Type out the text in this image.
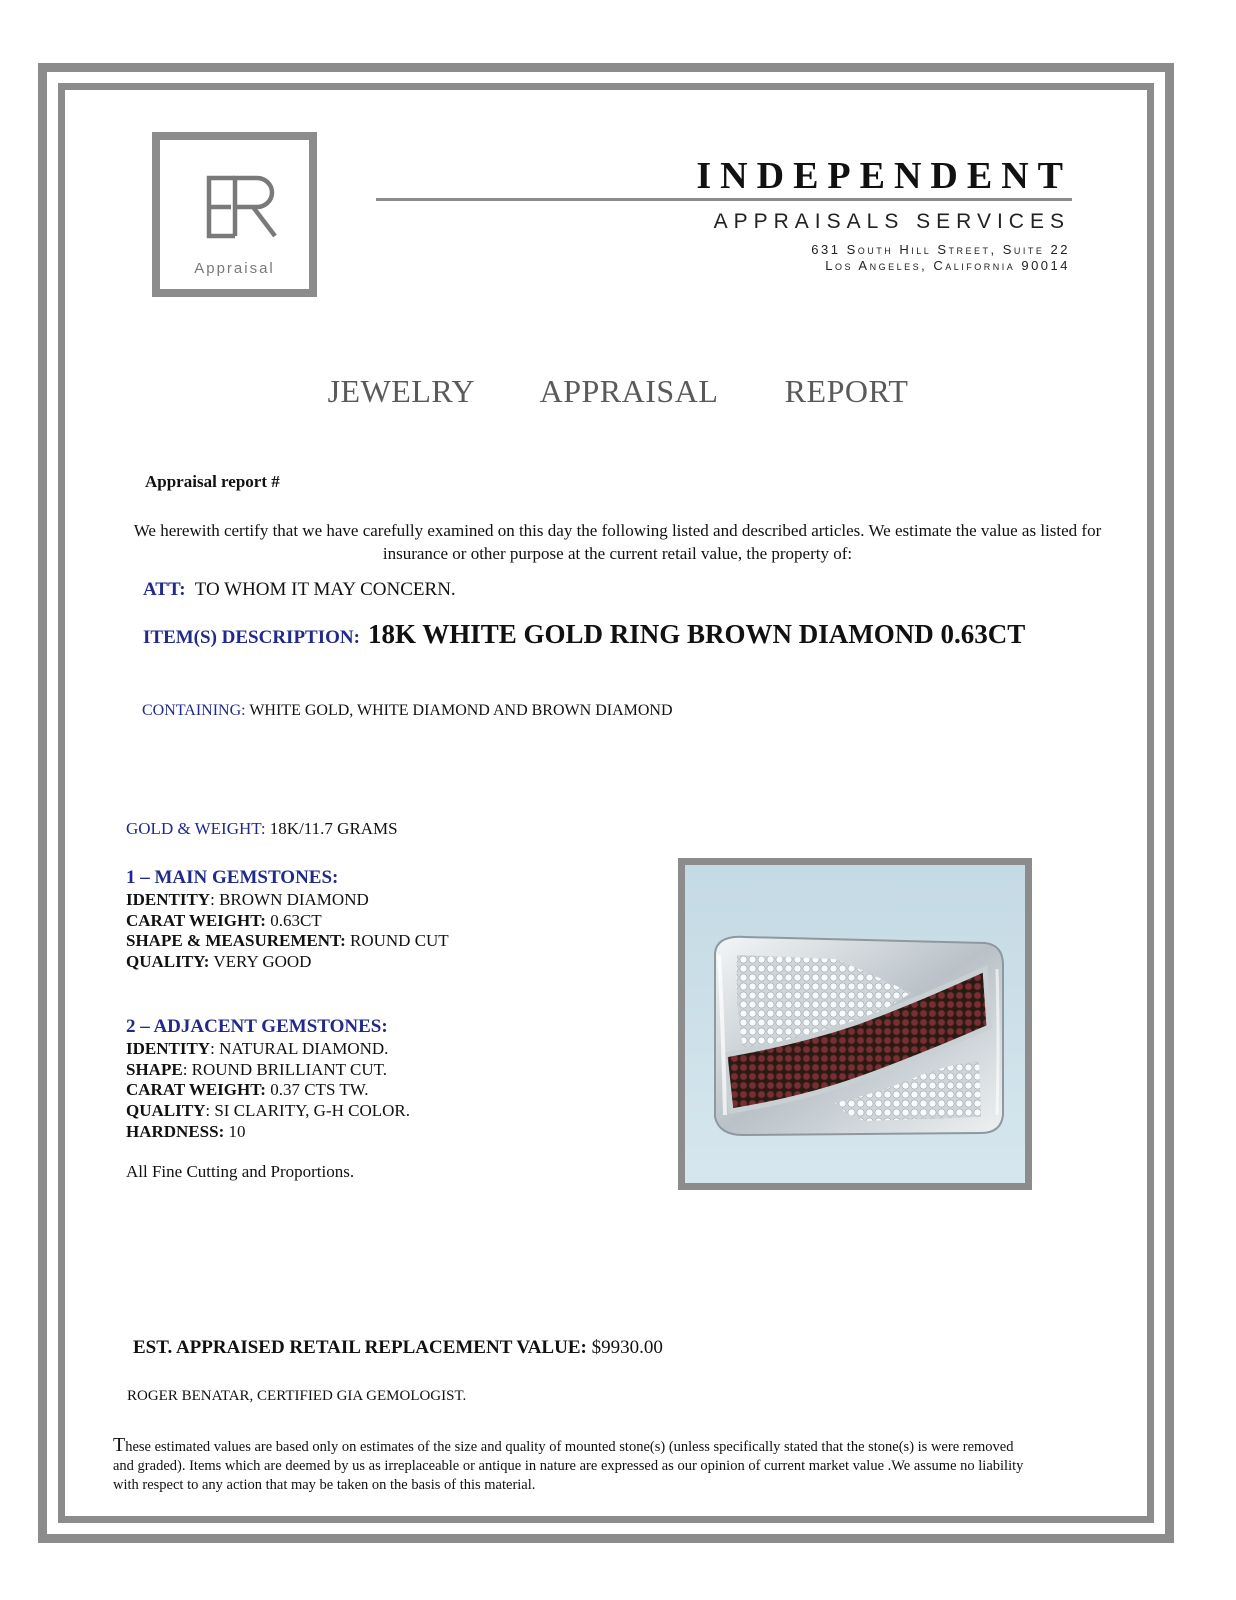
Appraisal
INDEPENDENT
APPRAISALS SERVICES
631 South Hill Street, Suite 22
Los Angeles, California 90014
JEWELRY   APPRAISAL   REPORT
Appraisal report #
We herewith certify that we have carefully examined on this day the following listed and described articles. We estimate the value as listed for insurance or other purpose at the current retail value, the property of:
ATT: TO WHOM IT MAY CONCERN.
ITEM(S) DESCRIPTION: 18K WHITE GOLD RING BROWN DIAMOND 0.63CT
CONTAINING: WHITE GOLD, WHITE DIAMOND AND BROWN DIAMOND
GOLD & WEIGHT: 18K/11.7 GRAMS
1 – MAIN GEMSTONES:
IDENTITY: BROWN DIAMOND
CARAT WEIGHT: 0.63CT
SHAPE & MEASUREMENT: ROUND CUT
QUALITY: VERY GOOD
2 – ADJACENT GEMSTONES:
IDENTITY: NATURAL DIAMOND.
SHAPE: ROUND BRILLIANT CUT.
CARAT WEIGHT: 0.37 CTS TW.
QUALITY: SI CLARITY, G-H COLOR.
HARDNESS: 10
All Fine Cutting and Proportions.
EST. APPRAISED RETAIL REPLACEMENT VALUE: $9930.00
ROGER BENATAR, CERTIFIED GIA GEMOLOGIST.
These estimated values are based only on estimates of the size and quality of mounted stone(s) (unless specifically stated that the stone(s) is were removed and graded). Items which are deemed by us as irreplaceable or antique in nature are expressed as our opinion of current market value .We assume no liability with respect to any action that may be taken on the basis of this material.
